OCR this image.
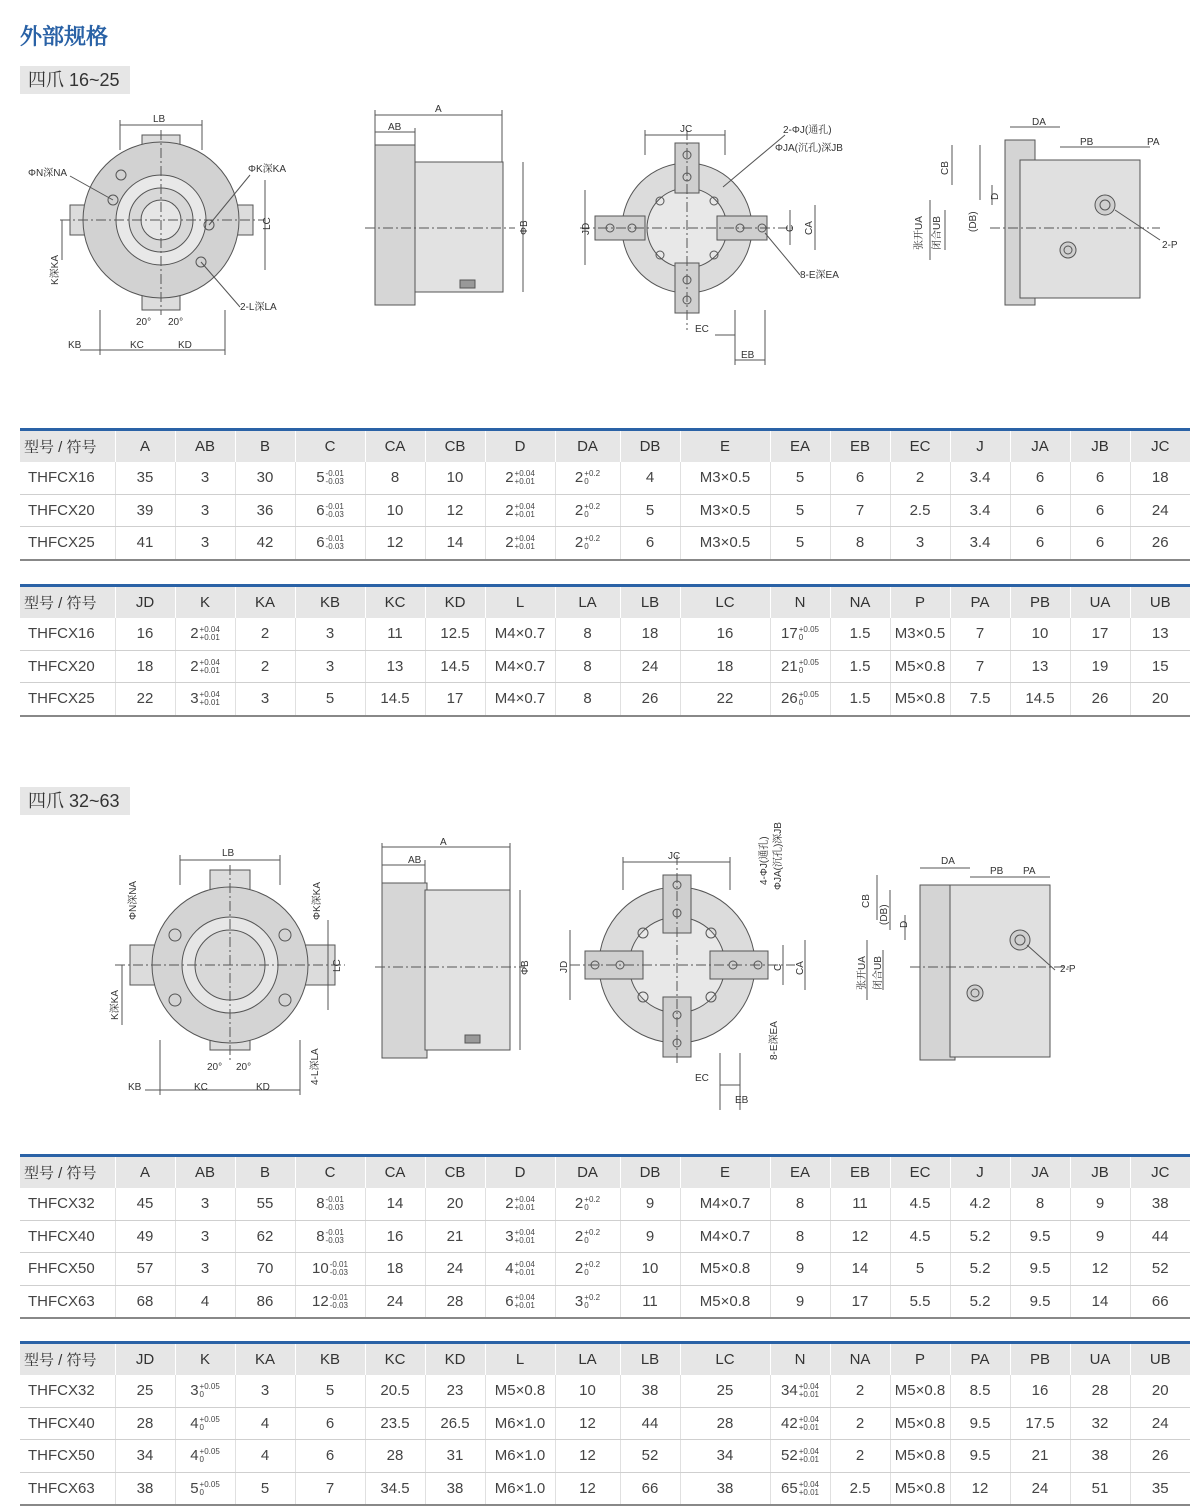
外部规格
四爪 16~25
四爪 32~63
LB
ΦN深NA	ΦK深KA
LC
K深KA
2-L深LA
20° 20°
KB	KC	KD
A
AB
ΦB
JC	2-ΦJ(通孔)
ΦJA(沉孔)深JB
JD	C CA
8-E深EA
EC
EB
DA
PB	PA
CB
(DB)
D
张开UA 闭合UB	2-P
LB
ΦN深NA	ΦK深KA
LC
K深KA
4-L深LA
20° 20°
KB	KC	KD
A
AB
ΦB
JC	4-ΦJ(通孔) ΦJA(沉孔)深JB
JD	C CA
8-E深EA
EC
EB
DA
PB PA
CB
(DB) D
张开UA 闭合UB	2-P
型号 / 符号	A	AB	B	C	CA	CB	D	DA	DB	E	EA	EB	EC	J	JA	JB	JC
THFCX16	35	3	30	5 -0.01
-0.03	8	10	2 +0.04
+0.01	2 +0.2
0	4	M3×0.5	5	6	2	3.4	6	6	18
THFCX20	39	3	36	6 -0.01
-0.03	10	12	2 +0.04
+0.01	2 +0.2
0	5	M3×0.5	5	7	2.5	3.4	6	6	24
THFCX25	41	3	42	6 -0.01
-0.03	12	14	2 +0.04
+0.01	2 +0.2
0	6	M3×0.5	5	8	3	3.4	6	6	26
型号 / 符号	JD	K	KA	KB	KC	KD	L	LA	LB	LC	N	NA	P	PA	PB	UA	UB
THFCX16	16	2 +0.04
+0.01	2	3	11	12.5	M4×0.7	8	18	16	17 +0.05
0	1.5	M3×0.5	7	10	17	13
THFCX20	18	2 +0.04
+0.01	2	3	13	14.5	M4×0.7	8	24	18	21 +0.05
0	1.5	M5×0.8	7	13	19	15
THFCX25	22	3 +0.04
+0.01	3	5	14.5	17	M4×0.7	8	26	22	26 +0.05
0	1.5	M5×0.8	7.5	14.5	26	20
型号 / 符号	A	AB	B	C	CA	CB	D	DA	DB	E	EA	EB	EC	J	JA	JB	JC
THFCX32	45	3	55	8 -0.01
-0.03	14	20	2 +0.04
+0.01	2 +0.2
0	9	M4×0.7	8	11	4.5	4.2	8	9	38
THFCX40	49	3	62	8 -0.01
-0.03	16	21	3 +0.04
+0.01	2 +0.2
0	9	M4×0.7	8	12	4.5	5.2	9.5	9	44
FHFCX50	57	3	70	10 -0.01
-0.03	18	24	4 +0.04
+0.01	2 +0.2
0	10	M5×0.8	9	14	5	5.2	9.5	12	52
THFCX63	68	4	86	12 -0.01
-0.03	24	28	6 +0.04
+0.01	3 +0.2
0	11	M5×0.8	9	17	5.5	5.2	9.5	14	66
型号 / 符号	JD	K	KA	KB	KC	KD	L	LA	LB	LC	N	NA	P	PA	PB	UA	UB
THFCX32	25	3 +0.05
0	3	5	20.5	23	M5×0.8	10	38	25	34 +0.04
+0.01	2	M5×0.8	8.5	16	28	20
THFCX40	28	4 +0.05
0	4	6	23.5	26.5	M6×1.0	12	44	28	42 +0.04
+0.01	2	M5×0.8	9.5	17.5	32	24
THFCX50	34	4 +0.05
0	4	6	28	31	M6×1.0	12	52	34	52 +0.04
+0.01	2	M5×0.8	9.5	21	38	26
THFCX63	38	5 +0.05
0	5	7	34.5	38	M6×1.0	12	66	38	65 +0.04
+0.01	2.5	M5×0.8	12	24	51	35
